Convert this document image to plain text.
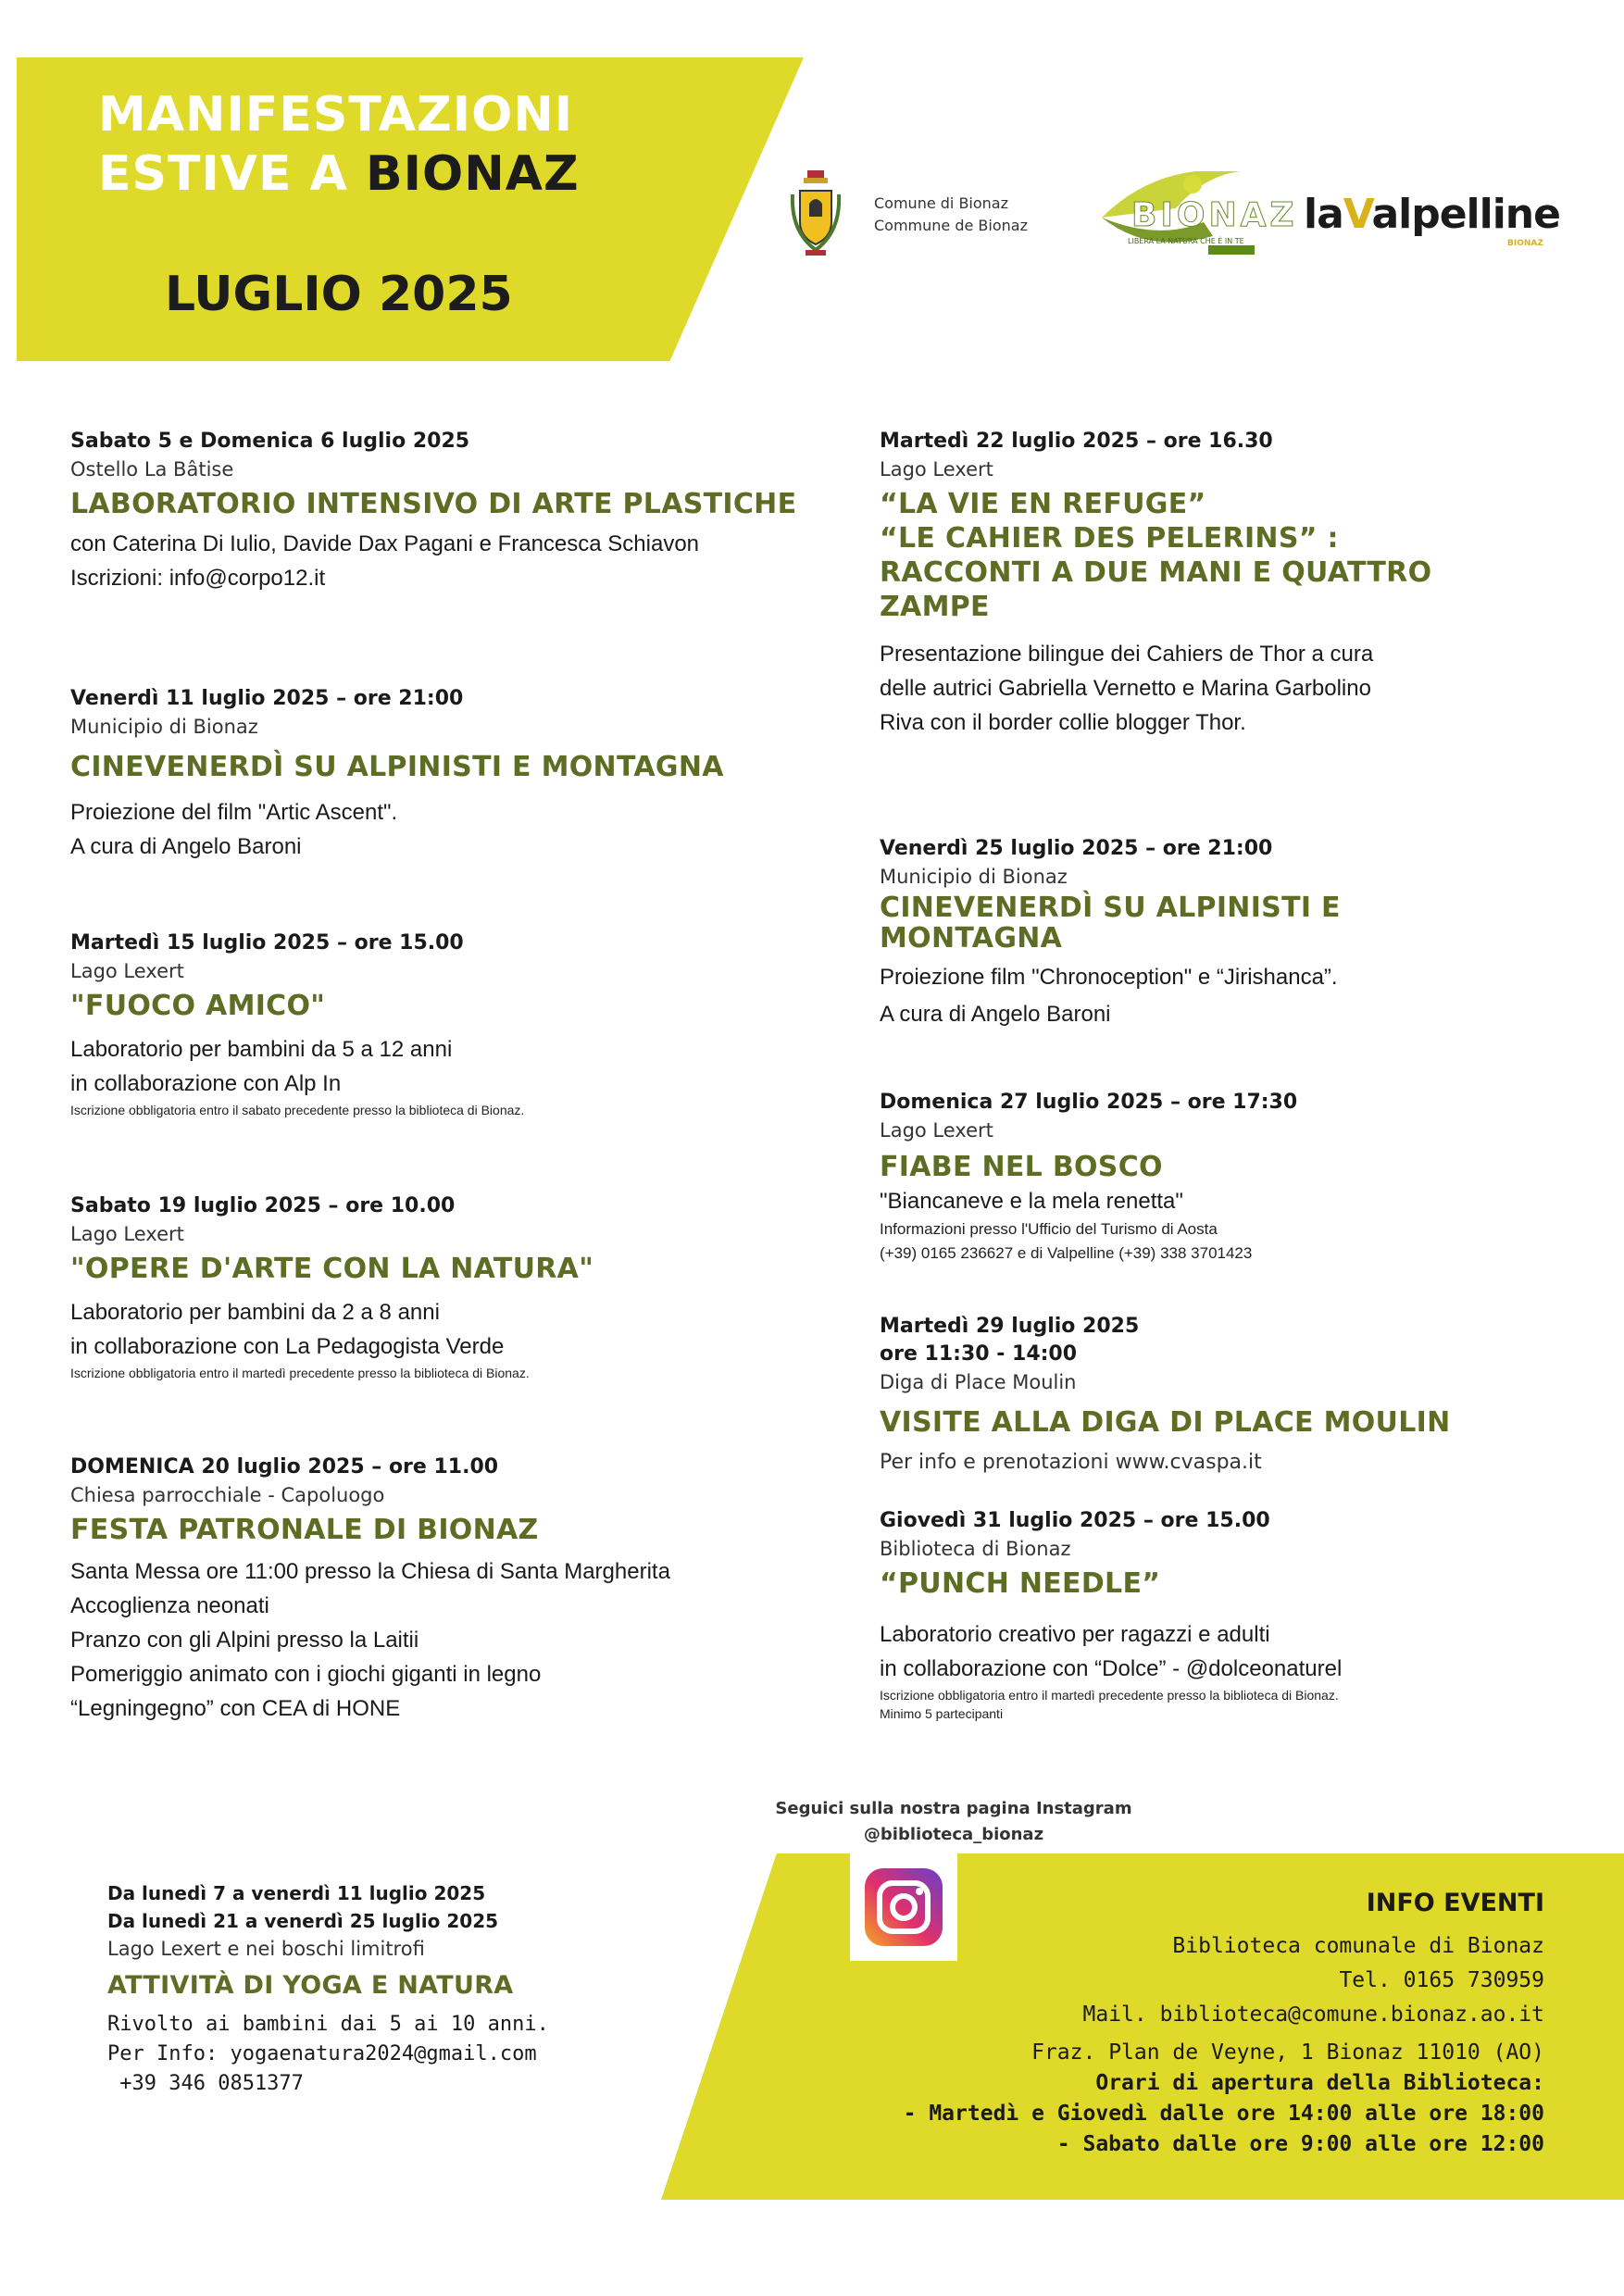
MANIFESTAZIONI
ESTIVE A BIONAZ
LUGLIO 2025
Comune di Bionaz
Commune de Bionaz	BIONAZ
LIBERA LA NATURA CHE È IN TE
laValpelline
BIONAZ

Sabato 5 e Domenica 6 luglio 2025

Ostello La Bâtise

LABORATORIO INTENSIVO DI ARTE PLASTICHE

con Caterina Di Iulio, Davide Dax Pagani e Francesca Schiavon

Iscrizioni: info@corpo12.it

Venerdì 11 luglio 2025 – ore 21:00

Municipio di Bionaz

CINEVENERDÌ SU ALPINISTI E MONTAGNA

Proiezione del film "Artic Ascent".

A cura di Angelo Baroni

Martedì 15 luglio 2025 – ore 15.00

Lago Lexert

"FUOCO AMICO"

Laboratorio per bambini da 5 a 12 anni

in collaborazione con Alp In

Iscrizione obbligatoria entro il sabato precedente presso la biblioteca di Bionaz.

Sabato 19 luglio 2025 – ore 10.00

Lago Lexert

"OPERE D'ARTE CON LA NATURA"

Laboratorio per bambini da 2 a 8 anni

in collaborazione con La Pedagogista Verde

Iscrizione obbligatoria entro il martedì precedente presso la biblioteca di Bionaz.

DOMENICA 20 luglio 2025 – ore 11.00

Chiesa parrocchiale - Capoluogo

FESTA PATRONALE DI BIONAZ

Santa Messa ore 11:00 presso la Chiesa di Santa Margherita

Accoglienza neonati

Pranzo con gli Alpini presso la Laitii

Pomeriggio animato con i giochi giganti in legno

“Legningegno” con CEA di HONE

Martedì 22 luglio 2025 – ore 16.30

Lago Lexert

“LA VIE EN REFUGE”

“LE CAHIER DES PELERINS” :

RACCONTI A DUE MANI E QUATTRO

ZAMPE

Presentazione bilingue dei Cahiers de Thor a cura

delle autrici Gabriella Vernetto e Marina Garbolino

Riva con il border collie blogger Thor.

Venerdì 25 luglio 2025 – ore 21:00

Municipio di Bionaz

CINEVENERDÌ SU ALPINISTI E

MONTAGNA

Proiezione film "Chronoception" e “Jirishanca”.

A cura di Angelo Baroni

Domenica 27 luglio 2025 – ore 17:30

Lago Lexert

FIABE NEL BOSCO

"Biancaneve e la mela renetta"

Informazioni presso l'Ufficio del Turismo di Aosta

(+39) 0165 236627 e di Valpelline (+39) 338 3701423

Martedì 29 luglio 2025

ore 11:30 - 14:00

Diga di Place Moulin

VISITE ALLA DIGA DI PLACE MOULIN

Per info e prenotazioni www.cvaspa.it

Giovedì 31 luglio 2025 – ore 15.00

Biblioteca di Bionaz

“PUNCH NEEDLE”

Laboratorio creativo per ragazzi e adulti

in collaborazione con “Dolce” - @dolceonaturel

Iscrizione obbligatoria entro il martedì precedente presso la biblioteca di Bionaz.

Minimo 5 partecipanti

Da lunedì 7 a venerdì 11 luglio 2025

Da lunedì 21 a venerdì 25 luglio 2025

Lago Lexert e nei boschi limitrofi

ATTIVITÀ DI YOGA E NATURA

Rivolto ai bambini dai 5 ai 10 anni.

Per Info: yogaenatura2024@gmail.com

+39 346 0851377

Seguici sulla nostra pagina Instagram
@biblioteca_bionaz

INFO EVENTI

Biblioteca comunale di Bionaz

Tel. 0165 730959

Mail. biblioteca@comune.bionaz.ao.it

Fraz. Plan de Veyne, 1 Bionaz 11010 (AO)

Orari di apertura della Biblioteca:

- Martedì e Giovedì dalle ore 14:00 alle ore 18:00

- Sabato dalle ore 9:00 alle ore 12:00
